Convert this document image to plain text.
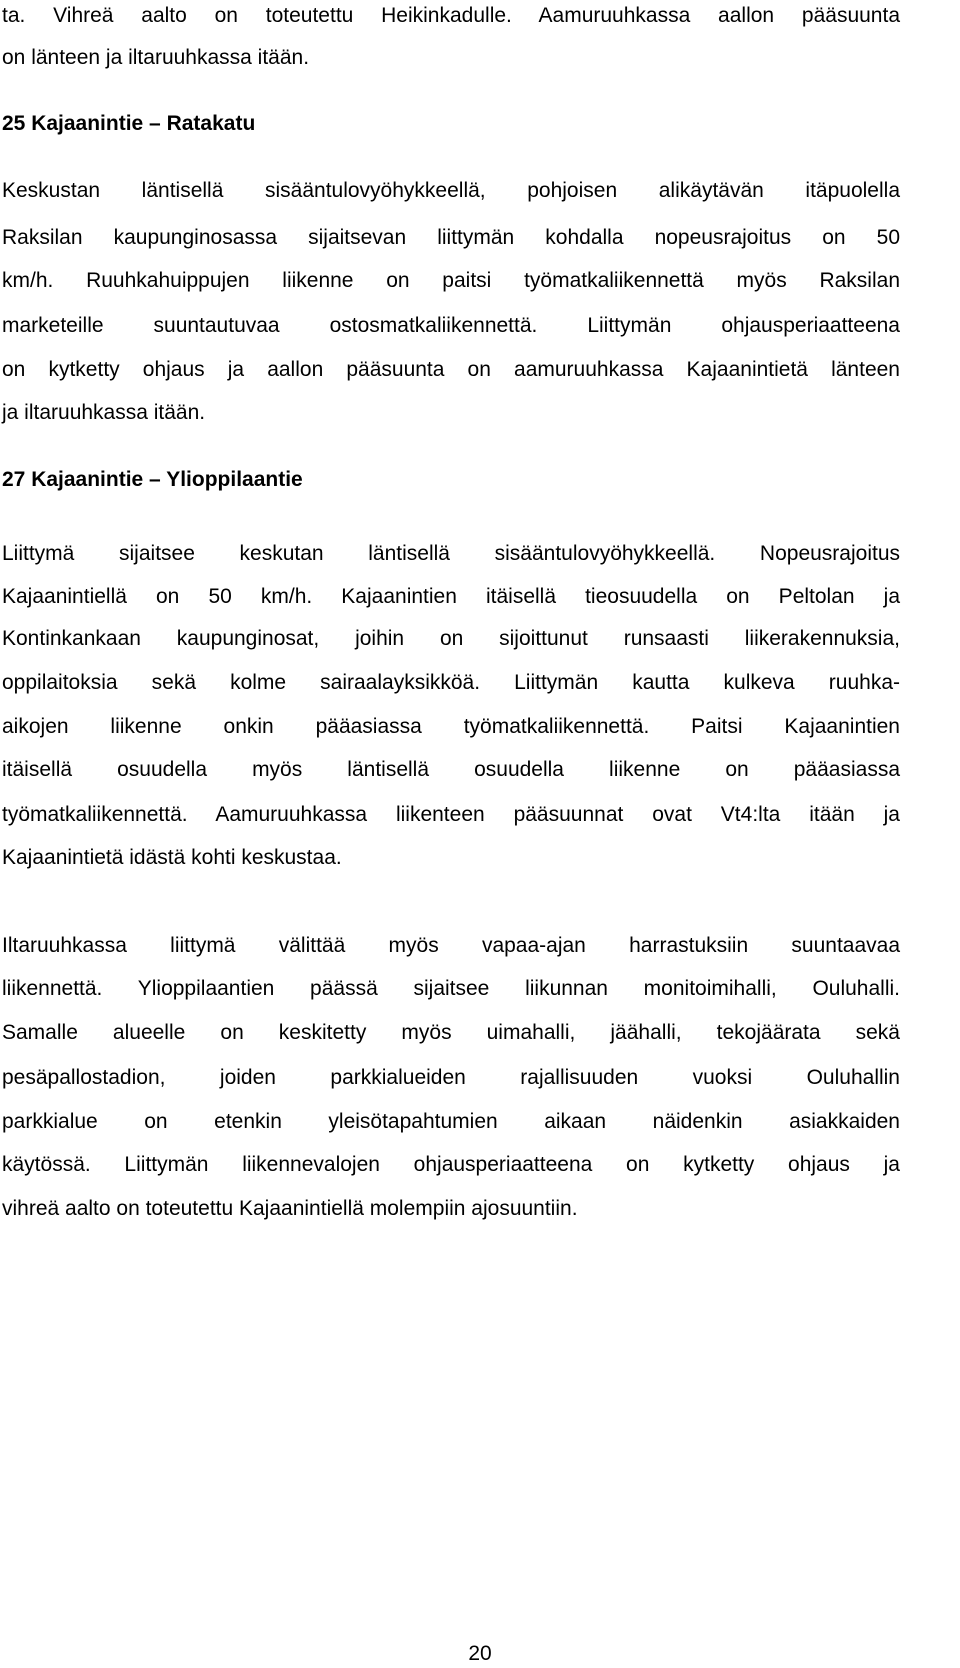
ta. Vihreä aalto on toteutettu Heikinkadulle. Aamuruuhkassa aallon pääsuunta
on länteen ja iltaruuhkassa itään.
25 Kajaanintie – Ratakatu
Keskustan läntisellä sisääntulovyöhykkeellä, pohjoisen alikäytävän itäpuolella
Raksilan kaupunginosassa sijaitsevan liittymän kohdalla nopeusrajoitus on 50
km/h. Ruuhkahuippujen liikenne on paitsi työmatkaliikennettä myös Raksilan
marketeille suuntautuvaa ostosmatkaliikennettä. Liittymän ohjausperiaatteena
on kytketty ohjaus ja aallon pääsuunta on aamuruuhkassa Kajaanintietä länteen
ja iltaruuhkassa itään.
27 Kajaanintie – Ylioppilaantie
Liittymä sijaitsee keskutan läntisellä sisääntulovyöhykkeellä. Nopeusrajoitus
Kajaanintiellä on 50 km/h. Kajaanintien itäisellä tieosuudella on Peltolan ja
Kontinkankaan kaupunginosat, joihin on sijoittunut runsaasti liikerakennuksia,
oppilaitoksia sekä kolme sairaalayksikköä. Liittymän kautta kulkeva ruuhka-
aikojen liikenne onkin pääasiassa työmatkaliikennettä. Paitsi Kajaanintien
itäisellä osuudella myös läntisellä osuudella liikenne on pääasiassa
työmatkaliikennettä. Aamuruuhkassa liikenteen pääsuunnat ovat Vt4:lta itään ja
Kajaanintietä idästä kohti keskustaa.
Iltaruuhkassa liittymä välittää myös vapaa-ajan harrastuksiin suuntaavaa
liikennettä. Ylioppilaantien päässä sijaitsee liikunnan monitoimihalli, Ouluhalli.
Samalle alueelle on keskitetty myös uimahalli, jäähalli, tekojäärata sekä
pesäpallostadion, joiden parkkialueiden rajallisuuden vuoksi Ouluhallin
parkkialue on etenkin yleisötapahtumien aikaan näidenkin asiakkaiden
käytössä. Liittymän liikennevalojen ohjausperiaatteena on kytketty ohjaus ja
vihreä aalto on toteutettu Kajaanintiellä molempiin ajosuuntiin.
20
